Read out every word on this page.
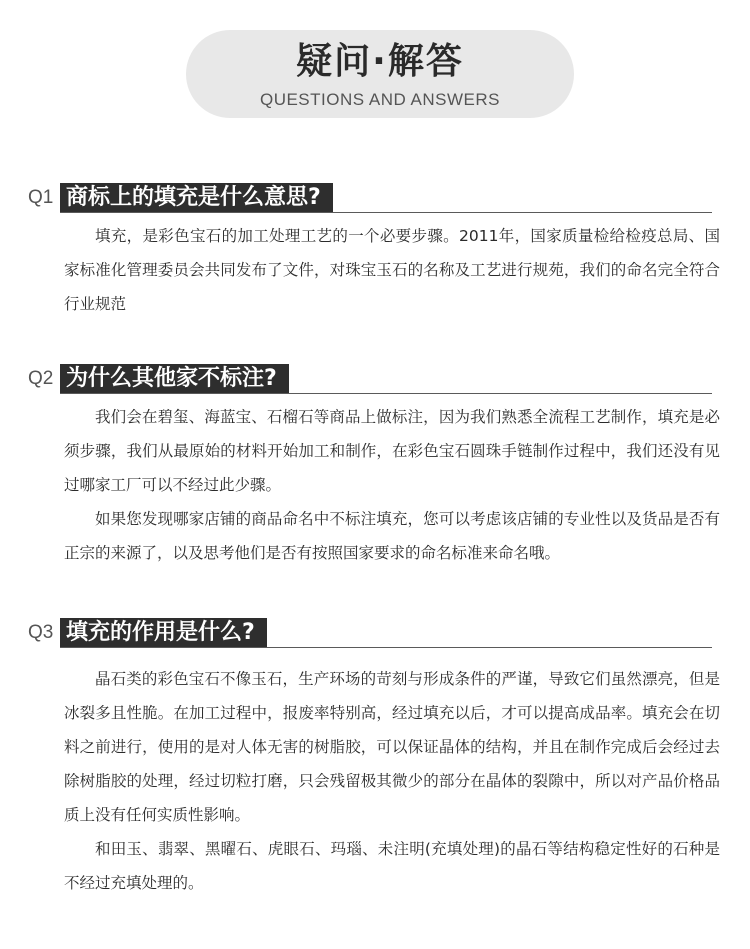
疑问·解答
QUESTIONS AND ANSWERS
Q1 商标上的填充是什么意思?

填充，是彩色宝石的加工处理工艺的一个必要步骤。2011年，国家质量检给检疫总局、国家标准化管理委员会共同发布了文件，对珠宝玉石的名称及工艺进行规苑，我们的命名完全符合行业规范

Q2 为什么其他家不标注?

我们会在碧玺、海蓝宝、石榴石等商品上做标注，因为我们熟悉全流程工艺制作，填充是必须步骤，我们从最原始的材料开始加工和制作，在彩色宝石圆珠手链制作过程中，我们还没有见过哪家工厂可以不经过此少骤。

如果您发现哪家店铺的商品命名中不标注填充，您可以考虑该店铺的专业性以及货品是否有正宗的来源了，以及思考他们是否有按照国家要求的命名标准来命名哦。

Q3 填充的作用是什么?

晶石类的彩色宝石不像玉石，生产环场的苛刻与形成条件的严谨，导致它们虽然漂亮，但是冰裂多且性脆。在加工过程中，报废率特别高，经过填充以后，才可以提高成品率。填充会在切料之前进行，使用的是对人体无害的树脂胶，可以保证晶体的结构，并且在制作完成后会经过去除树脂胶的处理，经过切粒打磨，只会残留极其微少的部分在晶体的裂隙中，所以对产品价格品质上没有任何实质性影响。

和田玉、翡翠、黑曜石、虎眼石、玛瑙、未注明(充填处理)的晶石等结构稳定性好的石种是不经过充填处理的。
